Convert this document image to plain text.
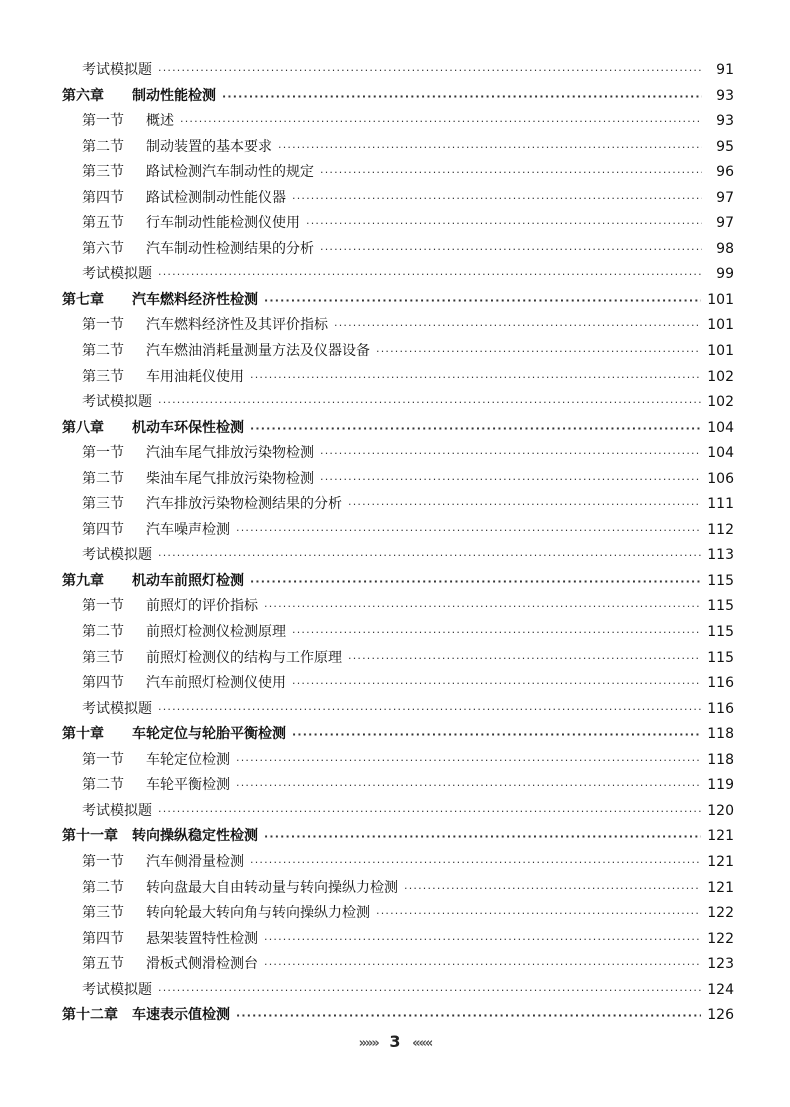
考试模拟题 ·····	91
第六章	制动性能检测 ·····	93
第一节	概述 ·····	93
第二节	制动装置的基本要求 ·····	95
第三节	路试检测汽车制动性的规定 ·····	96
第四节	路试检测制动性能仪器 ·····	97
第五节	行车制动性能检测仪使用 ·····	97
第六节	汽车制动性检测结果的分析 ·····	98
考试模拟题 ·····	99
第七章	汽车燃料经济性检测 ·····	101
第一节	汽车燃料经济性及其评价指标 ·····	101
第二节	汽车燃油消耗量测量方法及仪器设备 ·····	101
第三节	车用油耗仪使用 ·····	102
考试模拟题 ·····	102
第八章	机动车环保性检测 ·····	104
第一节	汽油车尾气排放污染物检测 ·····	104
第二节	柴油车尾气排放污染物检测 ·····	106
第三节	汽车排放污染物检测结果的分析 ·····	111
第四节	汽车噪声检测 ·····	112
考试模拟题 ·····	113
第九章	机动车前照灯检测 ·····	115
第一节	前照灯的评价指标 ·····	115
第二节	前照灯检测仪检测原理 ·····	115
第三节	前照灯检测仪的结构与工作原理 ·····	115
第四节	汽车前照灯检测仪使用 ·····	116
考试模拟题 ·····	116
第十章	车轮定位与轮胎平衡检测 ·····	118
第一节	车轮定位检测 ·····	118
第二节	车轮平衡检测 ·····	119
考试模拟题 ·····	120
第十一章	转向操纵稳定性检测 ·····	121
第一节	汽车侧滑量检测 ·····	121
第二节	转向盘最大自由转动量与转向操纵力检测 ·····	121
第三节	转向轮最大转向角与转向操纵力检测 ·····	122
第四节	悬架装置特性检测 ·····	122
第五节	滑板式侧滑检测台 ·····	123
考试模拟题 ·····	124
第十二章	车速表示值检测 ·····	126
»»» 3 «««
